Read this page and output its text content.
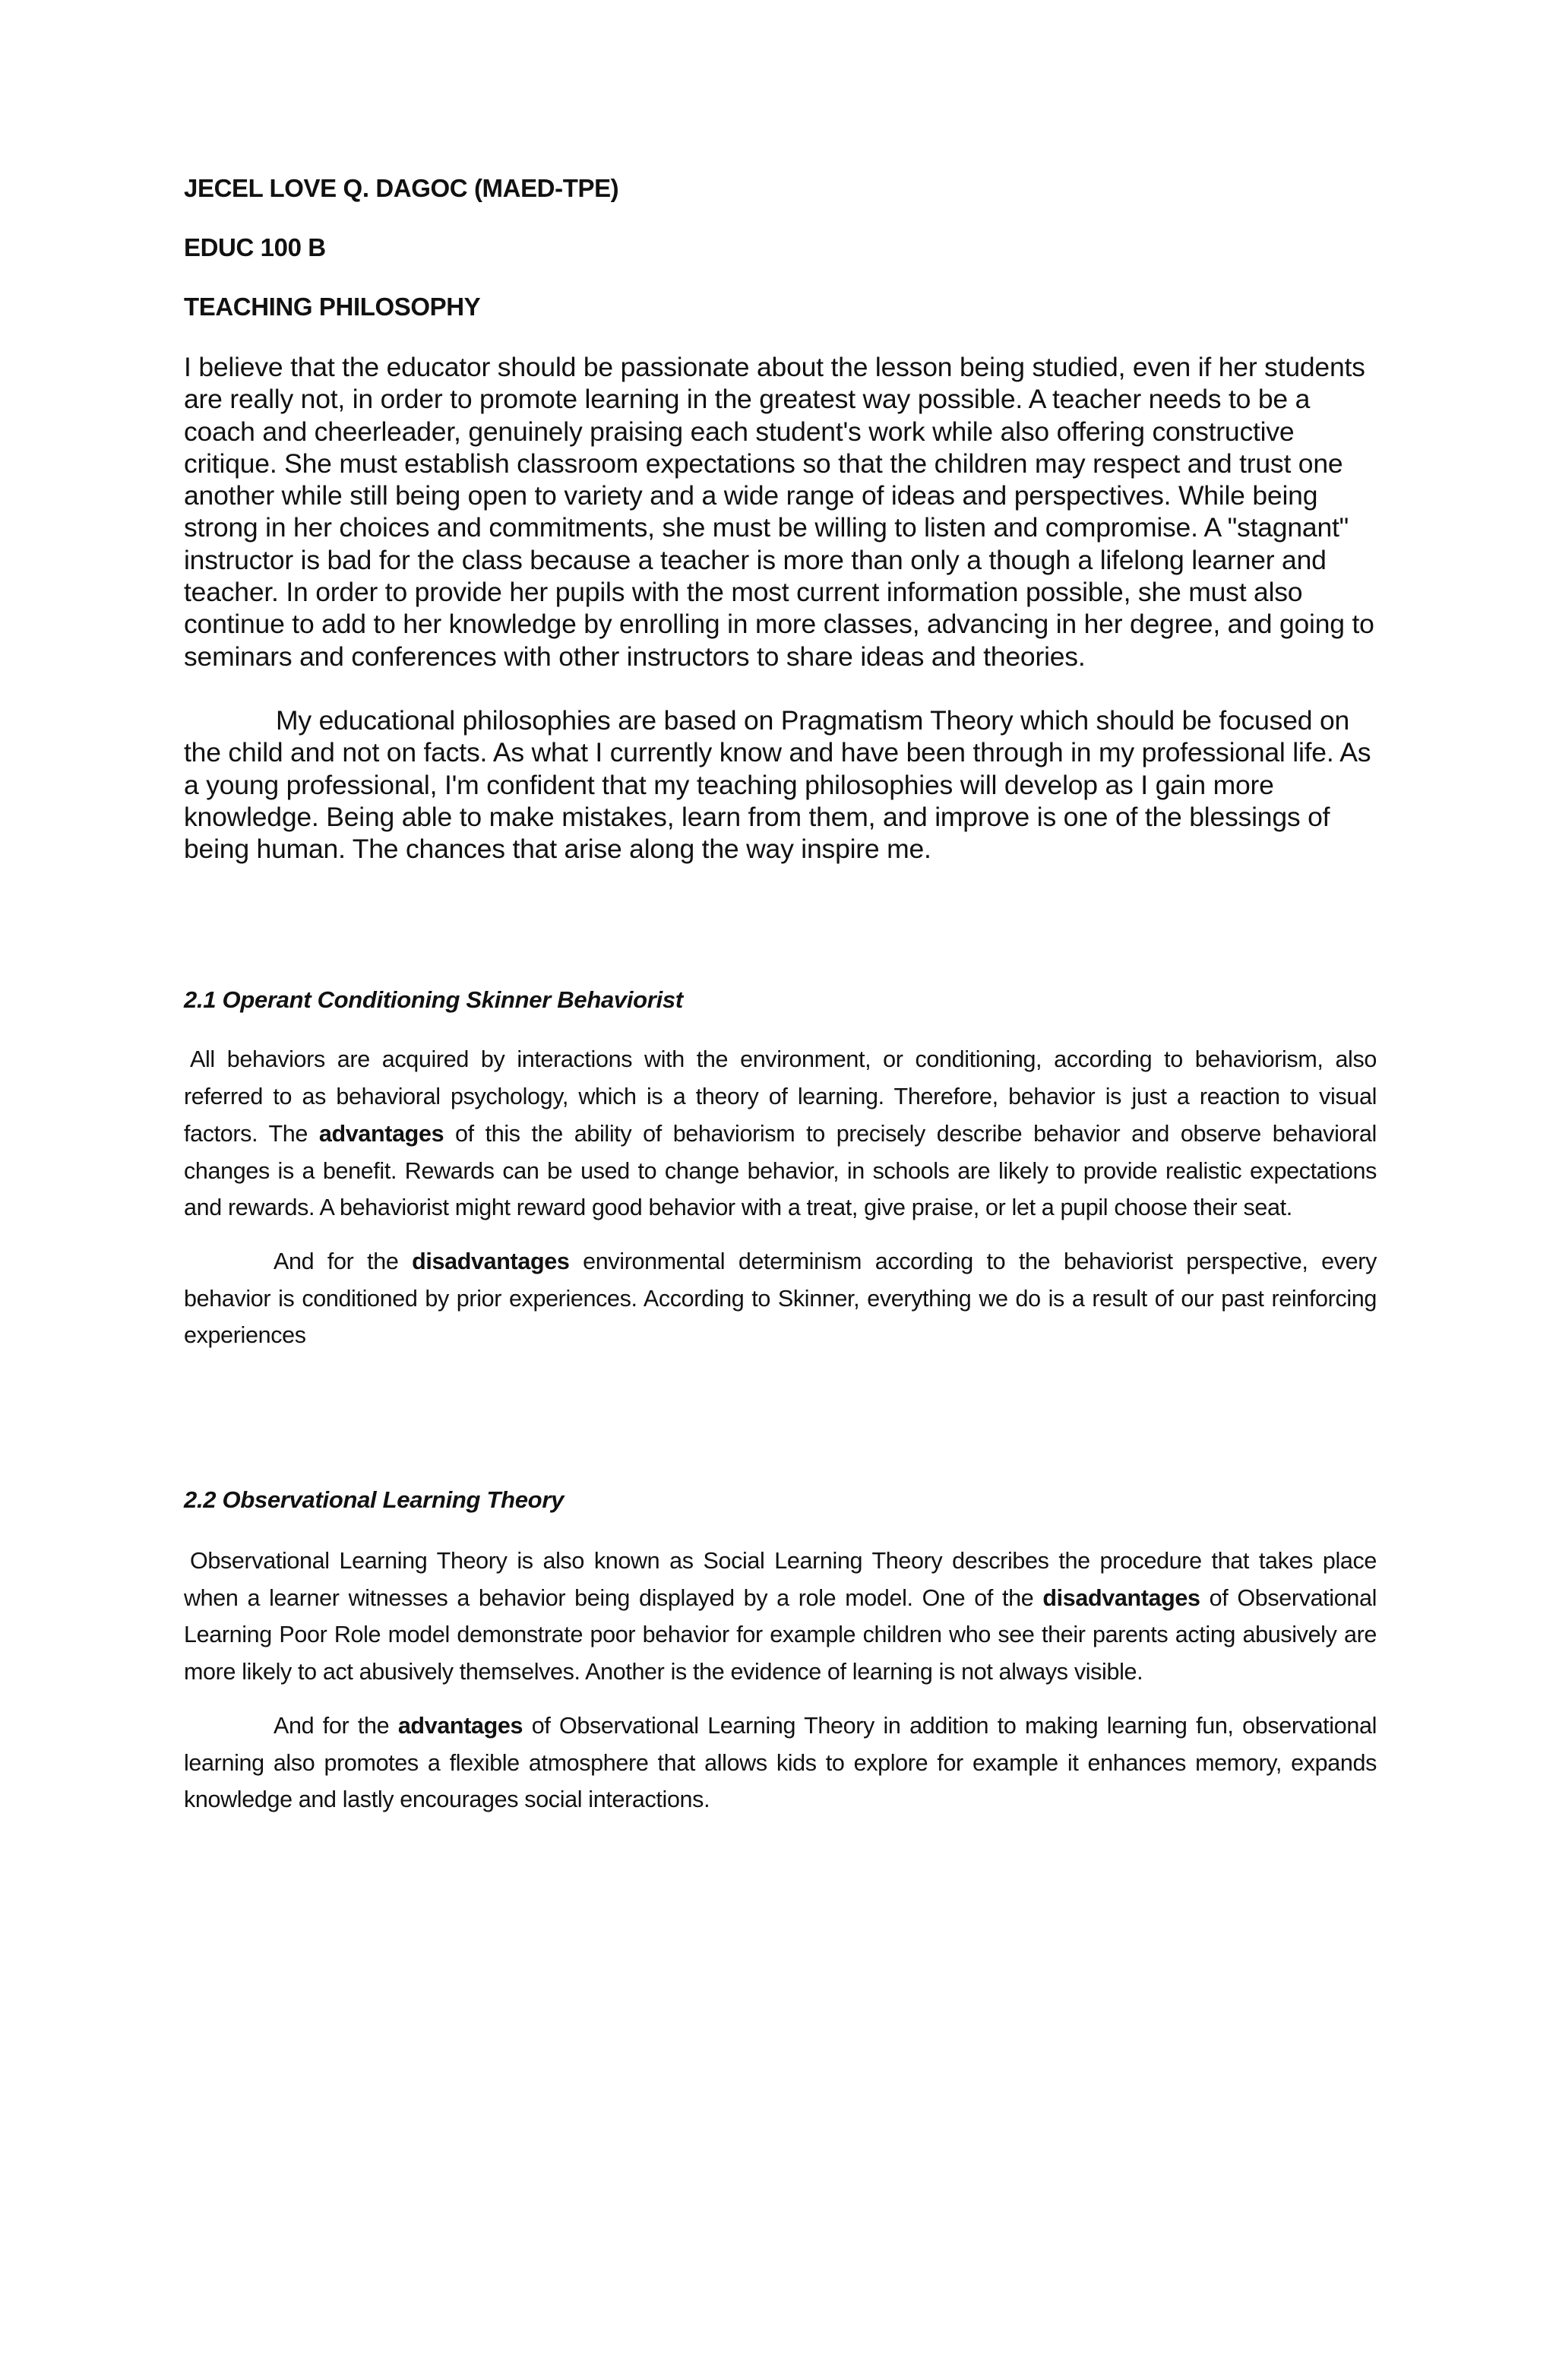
JECEL LOVE Q. DAGOC (MAED-TPE)

EDUC 100 B

TEACHING PHILOSOPHY

I believe that the educator should be passionate about the lesson being studied, even if her students are really not, in order to promote learning in the greatest way possible. A teacher needs to be a coach and cheerleader, genuinely praising each student's work while also offering constructive critique. She must establish classroom expectations so that the children may respect and trust one another while still being open to variety and a wide range of ideas and perspectives. While being strong in her choices and commitments, she must be willing to listen and compromise. A "stagnant" instructor is bad for the class because a teacher is more than only a though a lifelong learner and teacher. In order to provide her pupils with the most current information possible, she must also continue to add to her knowledge by enrolling in more classes, advancing in her degree, and going to seminars and conferences with other instructors to share ideas and theories.

My educational philosophies are based on Pragmatism Theory which should be focused on the child and not on facts. As what I currently know and have been through in my professional life. As a young professional, I'm confident that my teaching philosophies will develop as I gain more knowledge. Being able to make mistakes, learn from them, and improve is one of the blessings of being human. The chances that arise along the way inspire me.

2.1 Operant Conditioning Skinner Behaviorist

All behaviors are acquired by interactions with the environment, or conditioning, according to behaviorism, also referred to as behavioral psychology, which is a theory of learning. Therefore, behavior is just a reaction to visual factors. The advantages of this the ability of behaviorism to precisely describe behavior and observe behavioral changes is a benefit. Rewards can be used to change behavior, in schools are likely to provide realistic expectations and rewards. A behaviorist might reward good behavior with a treat, give praise, or let a pupil choose their seat.

And for the disadvantages environmental determinism according to the behaviorist perspective, every behavior is conditioned by prior experiences. According to Skinner, everything we do is a result of our past reinforcing experiences

2.2 Observational Learning Theory

Observational Learning Theory is also known as Social Learning Theory describes the procedure that takes place when a learner witnesses a behavior being displayed by a role model. One of the disadvantages of Observational Learning Poor Role model demonstrate poor behavior for example children who see their parents acting abusively are more likely to act abusively themselves. Another is the evidence of learning is not always visible.

And for the advantages of Observational Learning Theory in addition to making learning fun, observational learning also promotes a flexible atmosphere that allows kids to explore for example it enhances memory, expands knowledge and lastly encourages social interactions.
